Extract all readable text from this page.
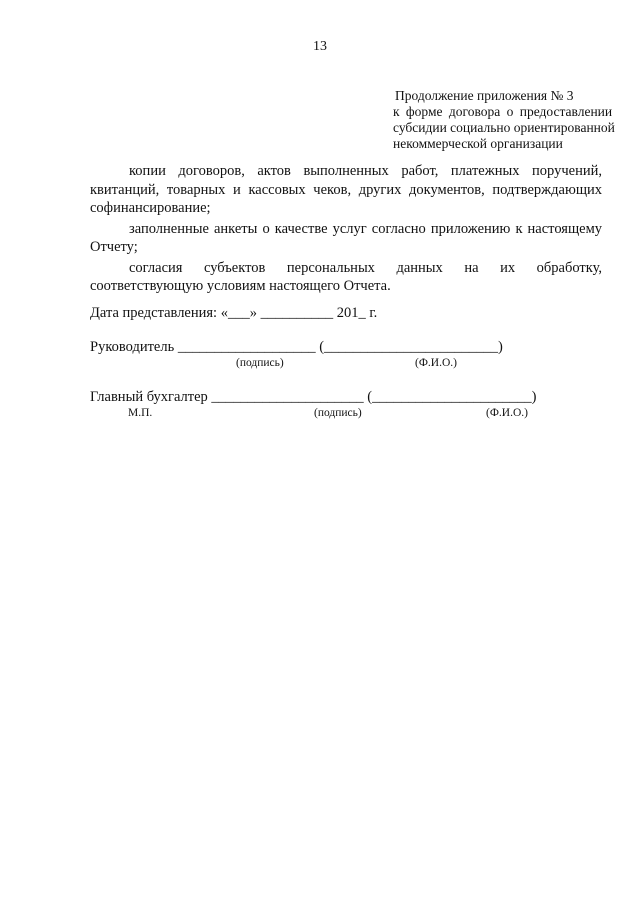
13
Продолжение приложения № 3
к форме договора о предоставлении
субсидии социально ориентированной
некоммерческой организации

копии договоров, актов выполненных работ, платежных поручений, квитанций, товарных и кассовых чеков, других документов, подтверждающих софинансирование;

заполненные анкеты о качестве услуг согласно приложению к настоящему Отчету;

согласия субъектов персональных данных на их обработку, соответствующую условиям настоящего Отчета.

Дата представления: «___» __________ 201_ г.
Руководитель ___________________ (________________________)
(подпись)	(Ф.И.О.)
Главный бухгалтер _____________________ (______________________)
М.П.	(подпись)	(Ф.И.О.)
